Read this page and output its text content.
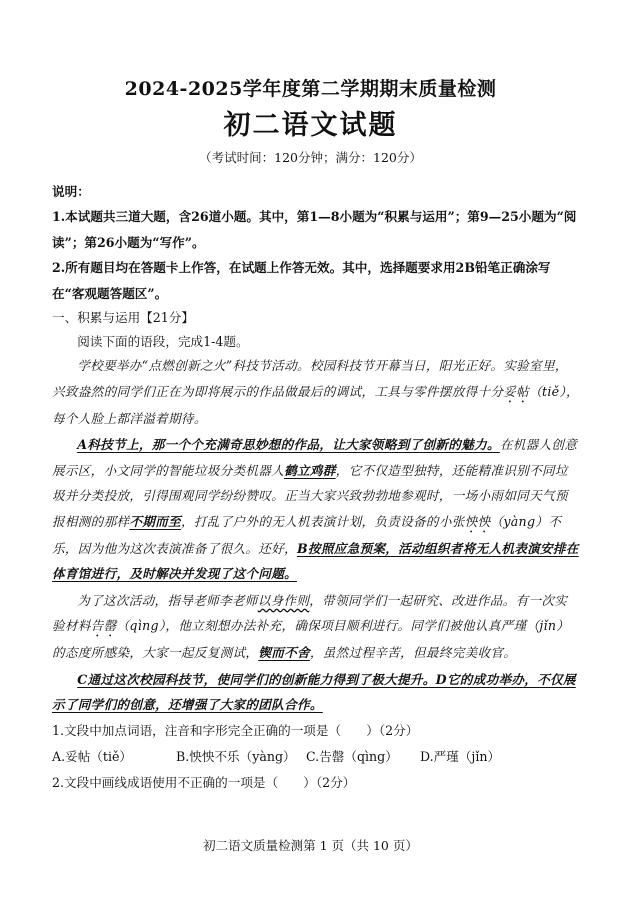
2024-2025学年度第二学期期末质量检测
初二语文试题
（考试时间：120分钟；满分：120分）

说明：

1.本试题共三道大题，含26道小题。其中，第1—8小题为“积累与运用”；第9—25小题为“阅读”；第26小题为“写作”。

2.所有题目均在答题卡上作答，在试题上作答无效。其中，选择题要求用2B铅笔正确涂写在“客观题答题区”。

一、积累与运用【21分】

阅读下面的语段，完成1-4题。

学校要举办“点燃创新之火”科技节活动。校园科技节开幕当日，阳光正好。实验室里，兴致盎然的同学们正在为即将展示的作品做最后的调试，工具与零件摆放得十分妥帖（tiě），每个人脸上都洋溢着期待。

A科技节上，那一个个充满奇思妙想的作品，让大家领略到了创新的魅力。在机器人创意展示区，小文同学的智能垃圾分类机器人鹤立鸡群，它不仅造型独特，还能精准识别不同垃圾并分类投放，引得围观同学纷纷赞叹。正当大家兴致勃勃地参观时，一场小雨如同天气预报相测的那样不期而至，打乱了户外的无人机表演计划，负责设备的小张怏怏（yàng）不乐，因为他为这次表演准备了很久。还好，B按照应急预案，活动组织者将无人机表演安排在体育馆进行，及时解决并发现了这个问题。

为了这次活动，指导老师李老师以身作则，带领同学们一起研究、改进作品。有一次实验材料告罄（qìng），他立刻想办法补充，确保项目顺利进行。同学们被他认真严瑾（jǐn）的态度所感染，大家一起反复测试，锲而不舍，虽然过程辛苦，但最终完美收官。

C通过这次校园科技节，使同学们的创新能力得到了极大提升。D它的成功举办，不仅展示了同学们的创意，还增强了大家的团队合作。

1.文段中加点词语，注音和字形完全正确的一项是（　　）（2分）

A.妥帖（tiě）	B.怏怏不乐（yàng） C.告罄（qìng）	D.严瑾（jǐn）

2.文段中画线成语使用不正确的一项是（　　）（2分）

初二语文质量检测第 1 页（共 10 页）
